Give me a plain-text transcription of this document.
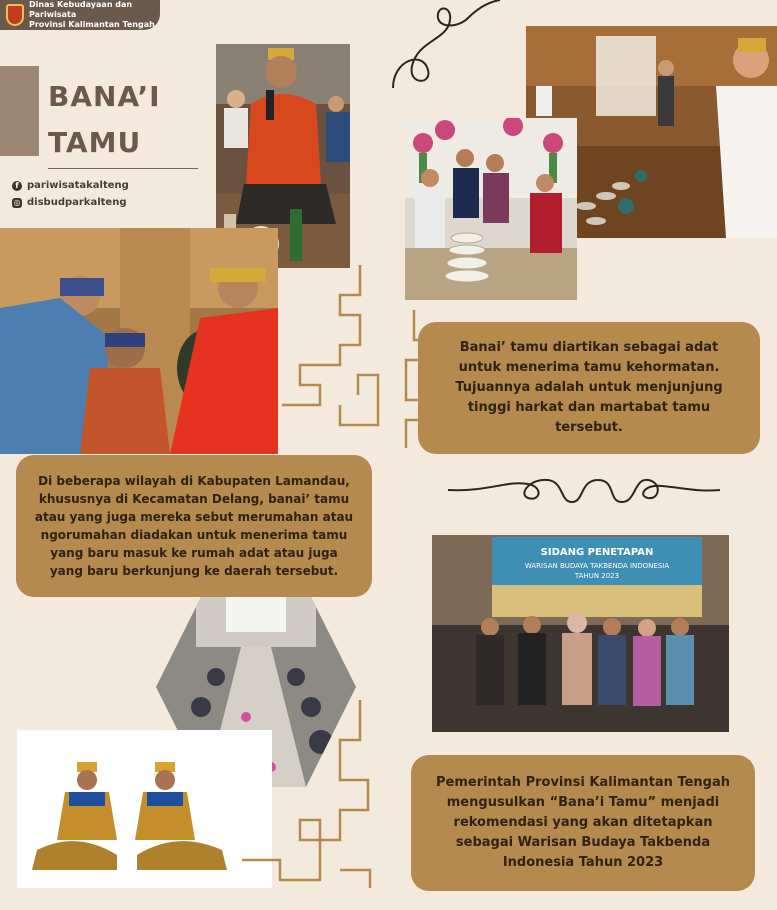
Dinas Kebudayaan dan Pariwisata
Provinsi Kalimantan Tengah
BANA’I
TAMU
f pariwisatakalteng
◎ disbudparkalteng
SIDANG PENETAPAN
WARISAN BUDAYA TAKBENDA INDONESIA
TAHUN 2023
Banai’ tamu diartikan sebagai adat untuk menerima tamu kehormatan. Tujuannya adalah untuk menjunjung tinggi harkat dan martabat tamu tersebut.
Di beberapa wilayah di Kabupaten Lamandau, khususnya di Kecamatan Delang, banai’ tamu atau yang juga mereka sebut merumahan atau ngorumahan diadakan untuk menerima tamu yang baru masuk ke rumah adat atau juga yang baru berkunjung ke daerah tersebut.
Pemerintah Provinsi Kalimantan Tengah mengusulkan “Bana’i Tamu” menjadi rekomendasi yang akan ditetapkan sebagai Warisan Budaya Takbenda Indonesia Tahun 2023
